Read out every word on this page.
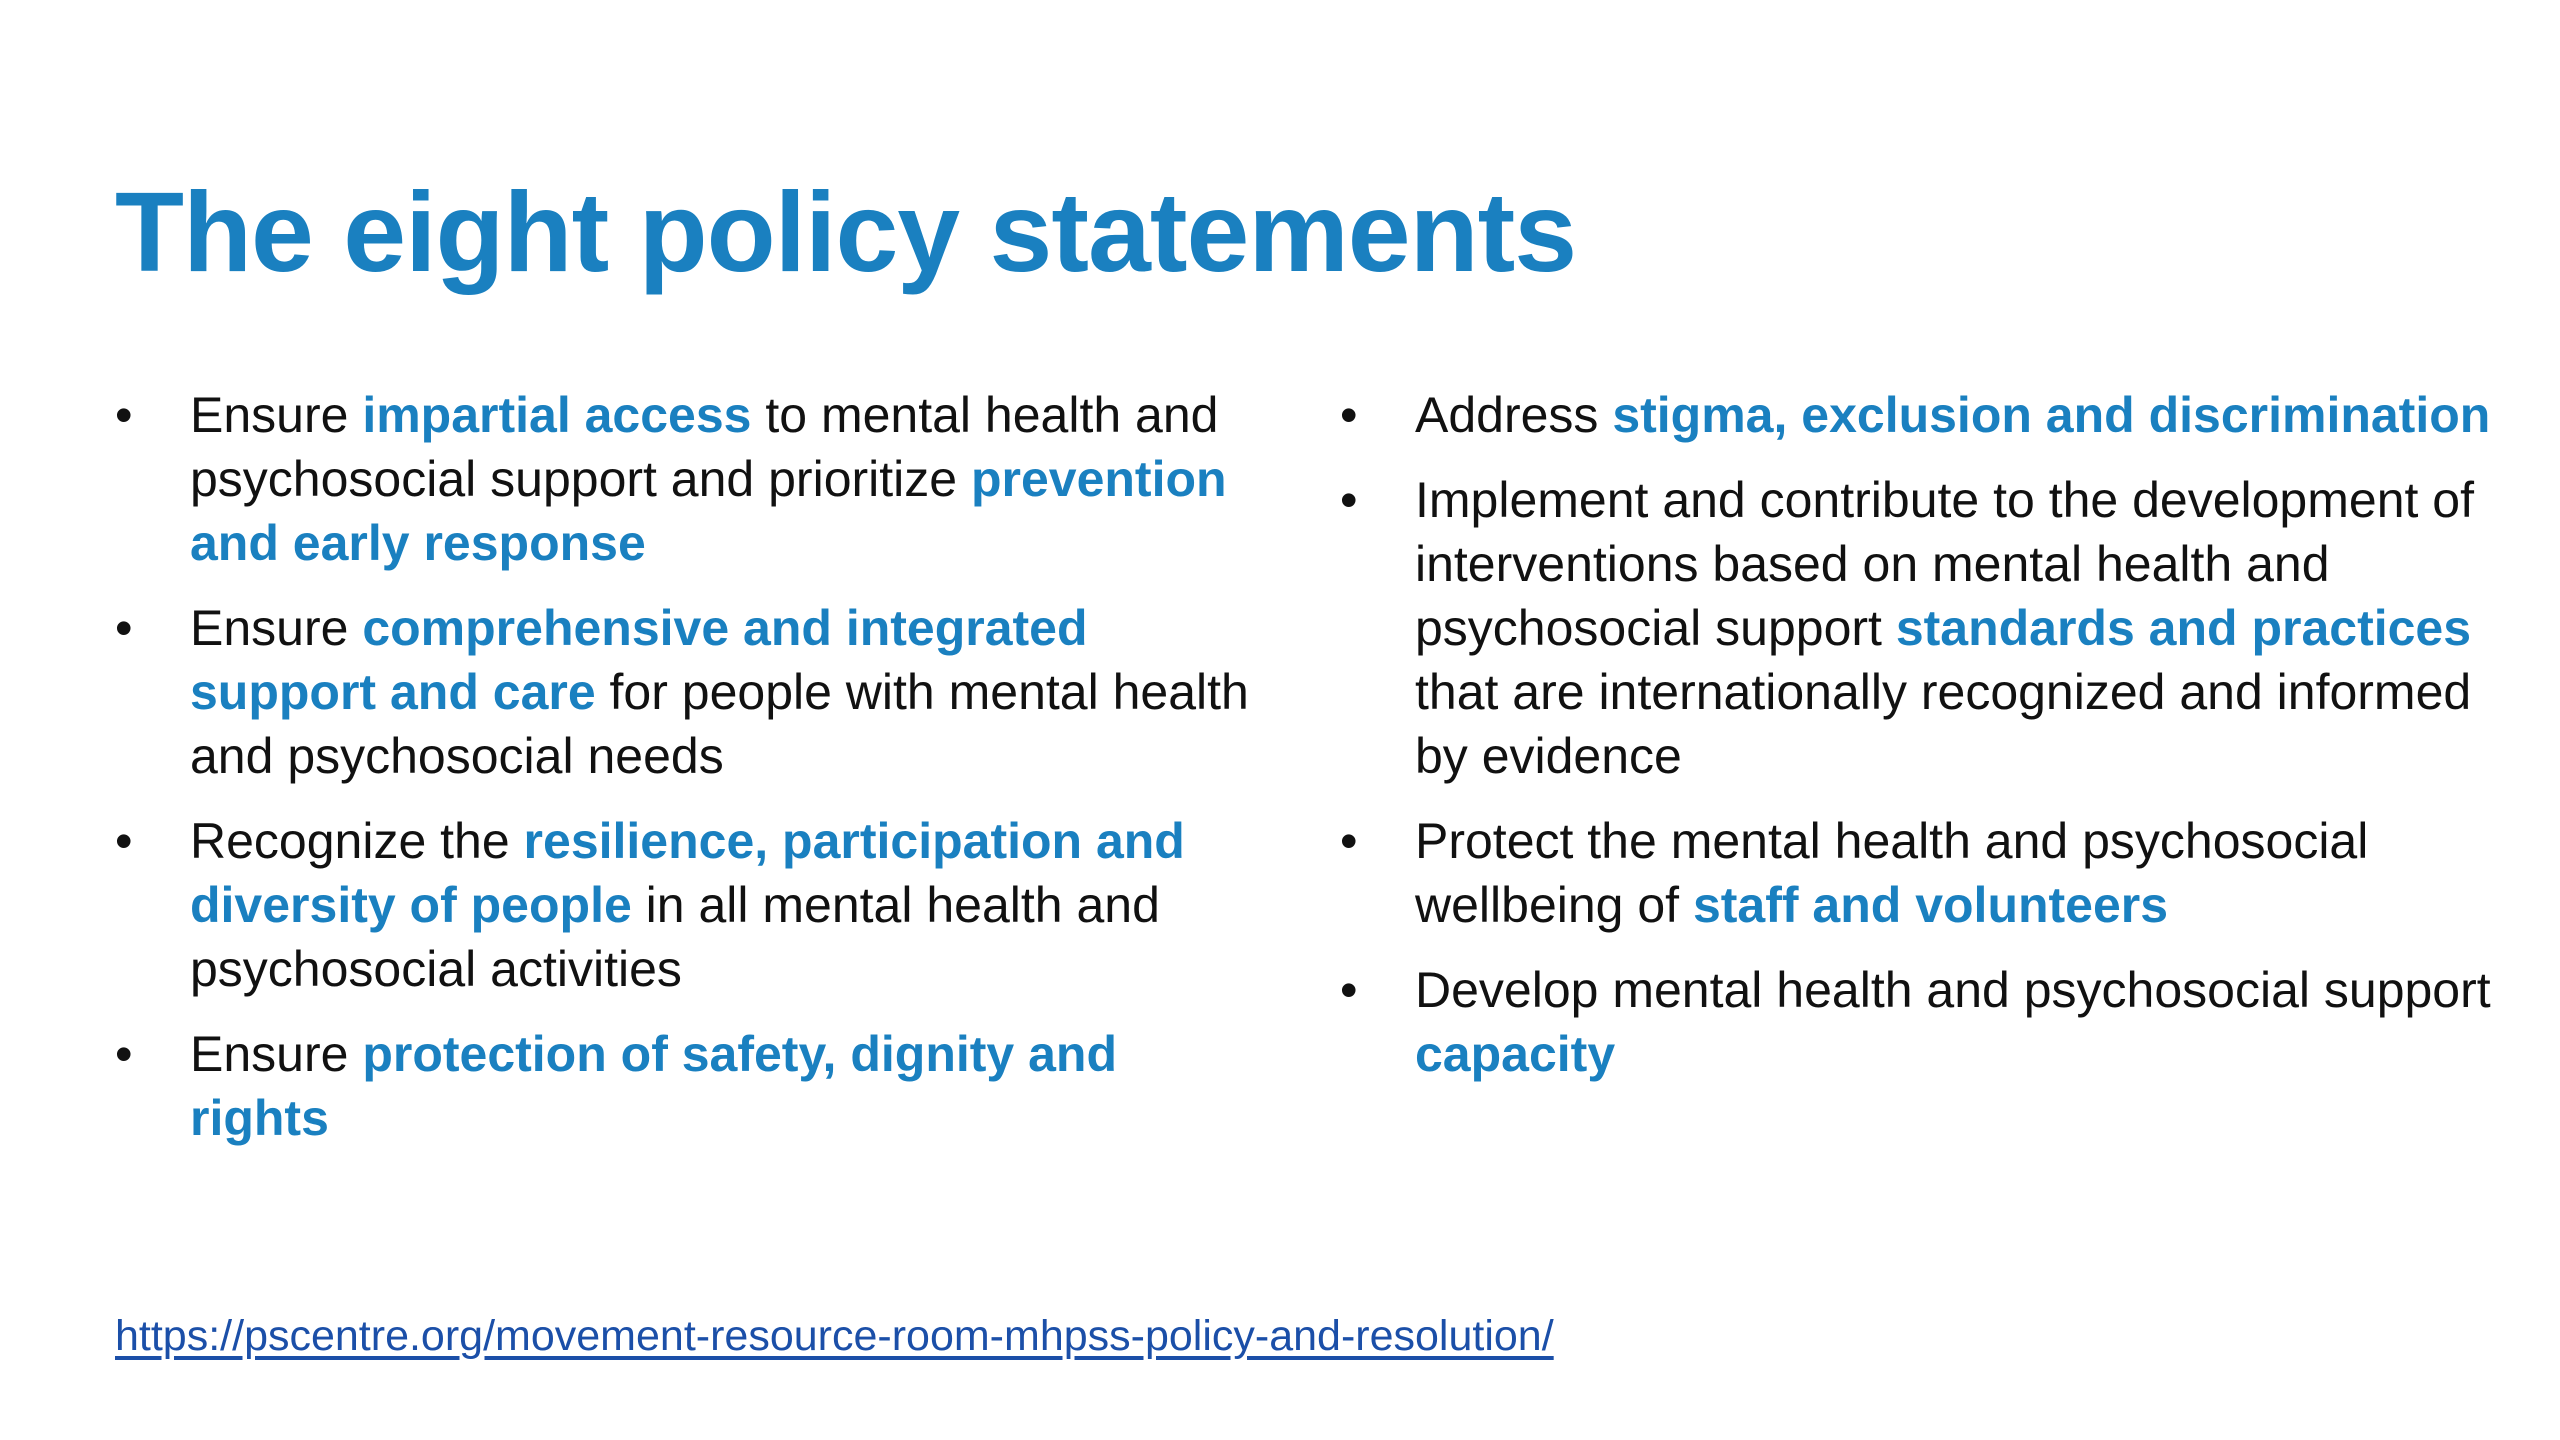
The eight policy statements
• Ensure impartial access to mental health and psychosocial support and prioritize prevention and early response
• Ensure comprehensive and integrated support and care for people with mental health and psychosocial needs
• Recognize the resilience, participation and diversity of people in all mental health and psychosocial activities
• Ensure protection of safety, dignity and rights
• Address stigma, exclusion and discrimination
• Implement and contribute to the development of interventions based on mental health and psychosocial support standards and practices that are internationally recognized and informed by evidence
• Protect the mental health and psychosocial wellbeing of staff and volunteers
• Develop mental health and psychosocial support capacity
https://pscentre.org/movement-resource-room-mhpss-policy-and-resolution/
